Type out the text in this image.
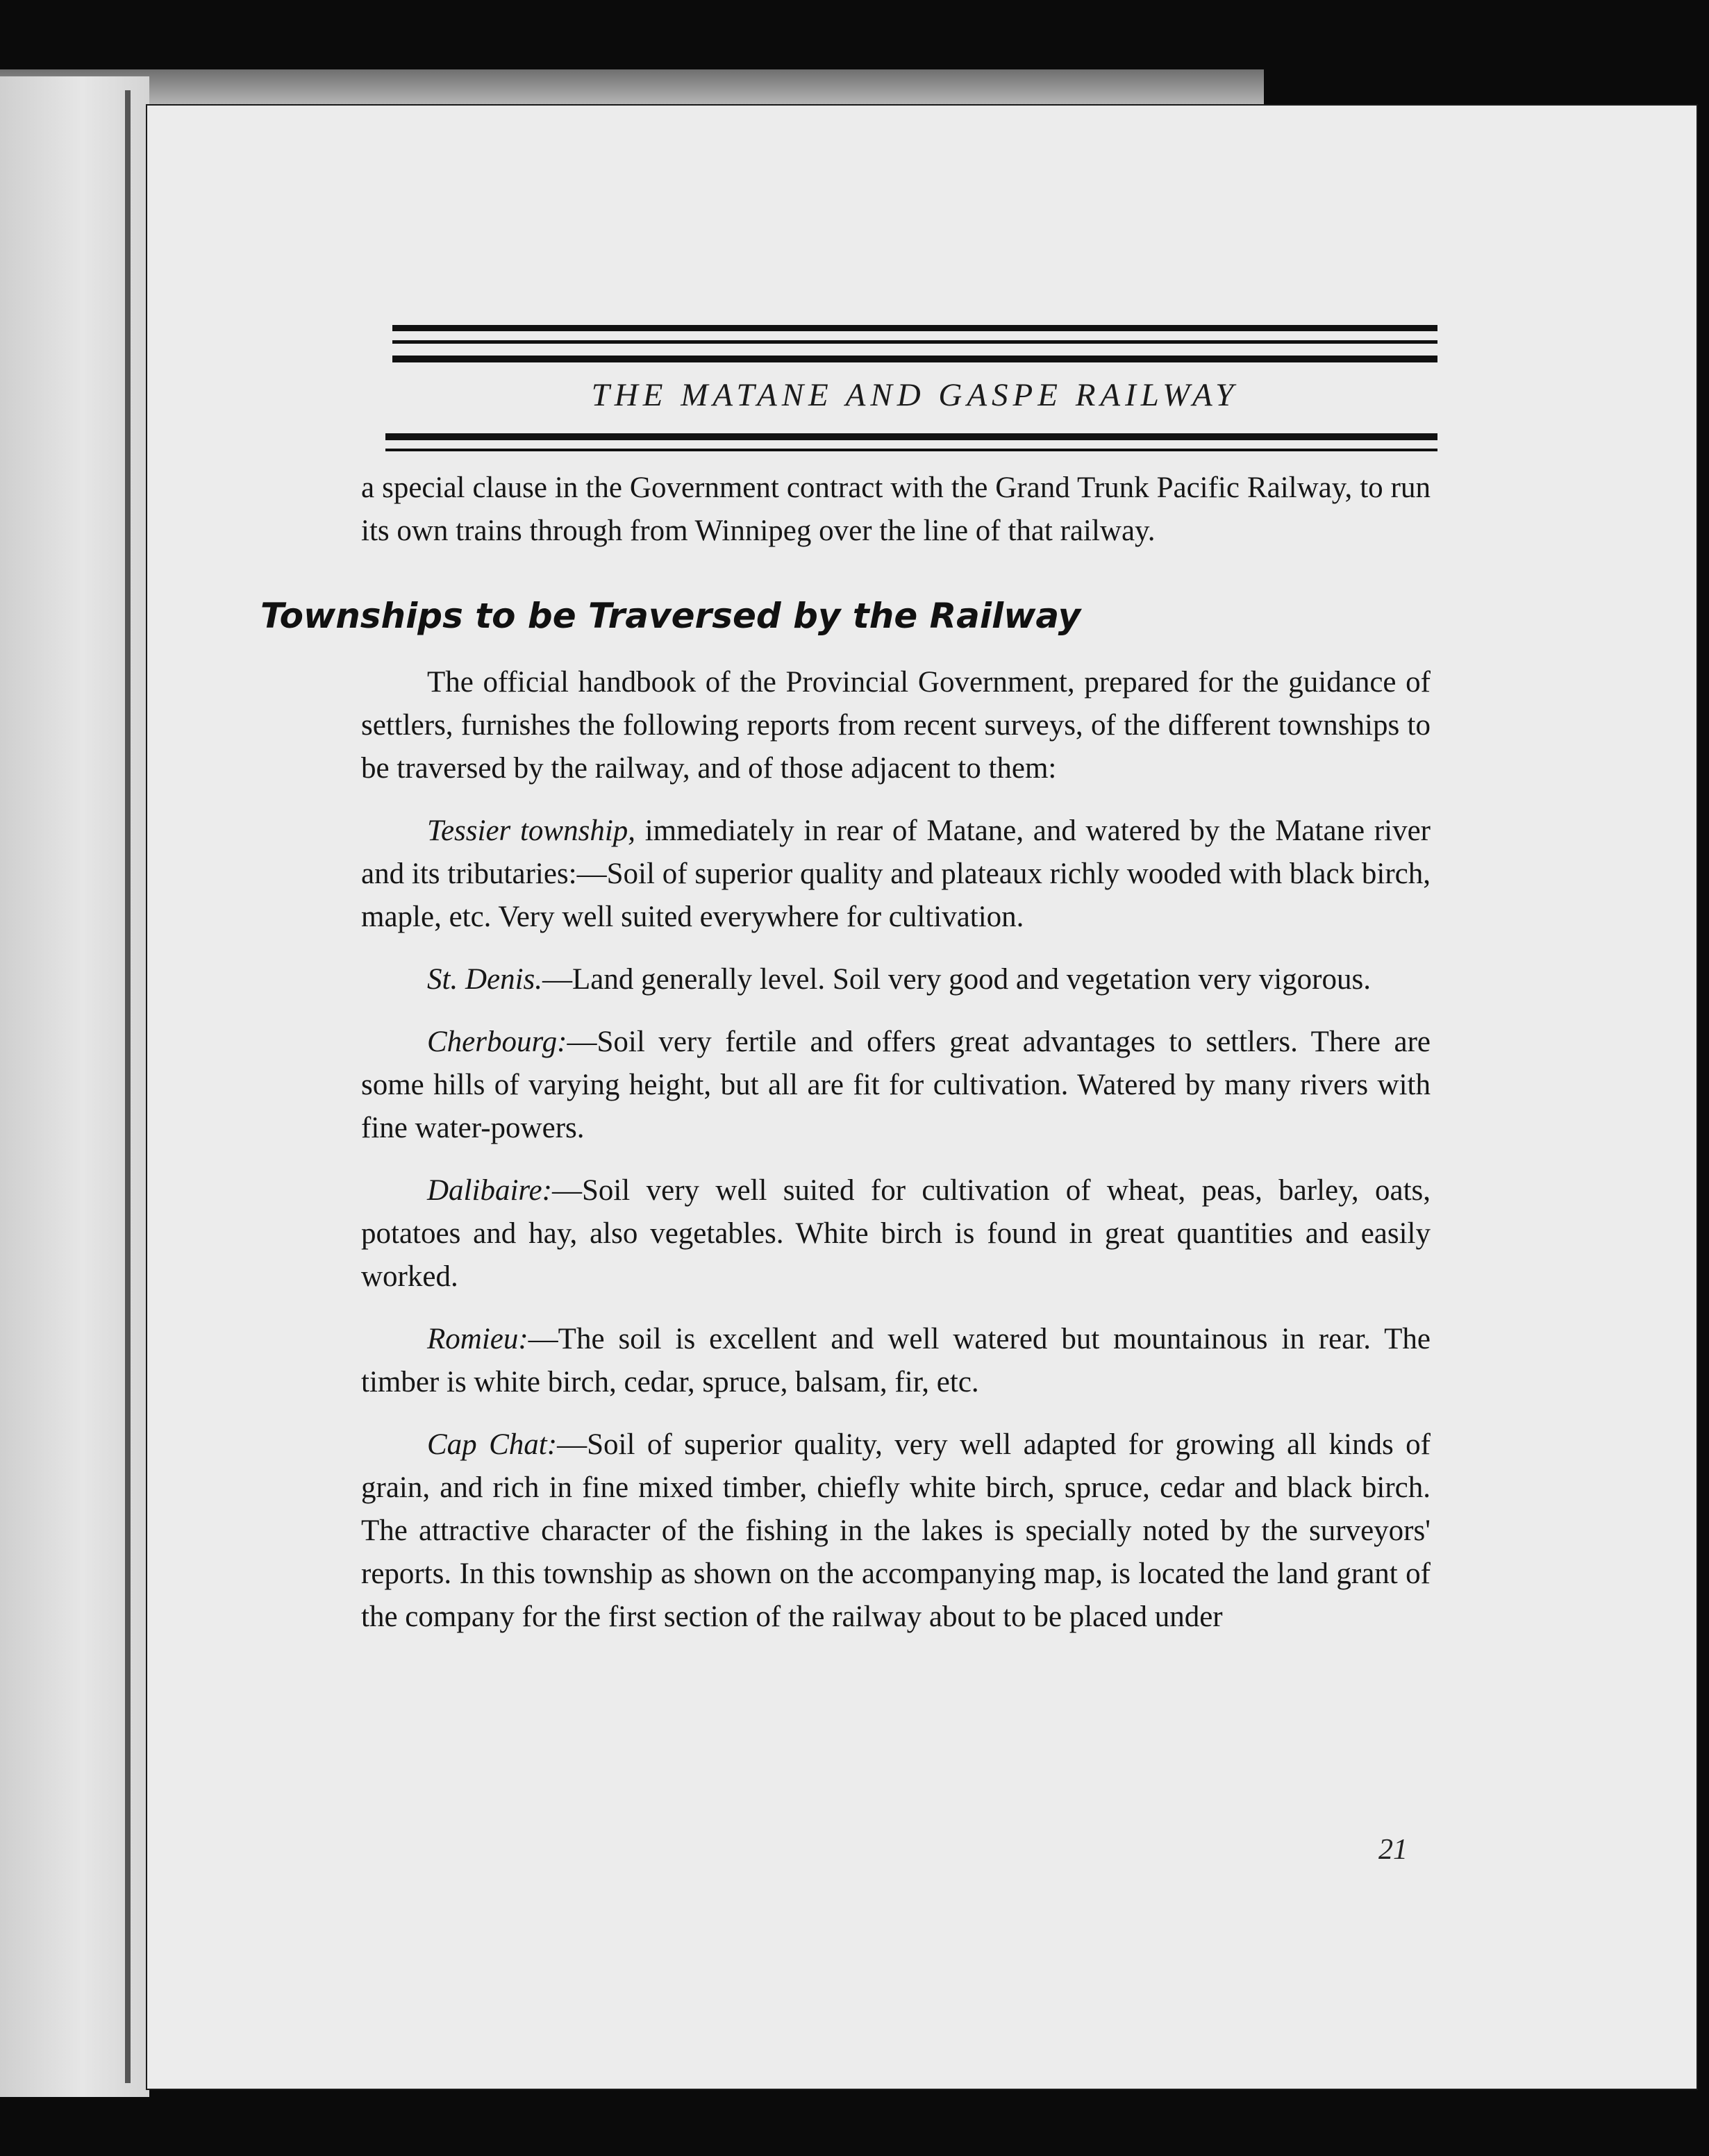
THE MATANE AND GASPE RAILWAY

a special clause in the Government contract with the Grand Trunk Pacific Railway, to run its own trains through from Winnipeg over the line of that railway.

Townships to be Traversed by the Railway

The official handbook of the Provincial Government, prepared for the guidance of settlers, furnishes the following reports from recent surveys, of the different townships to be traversed by the railway, and of those adjacent to them:

Tessier township, immediately in rear of Matane, and watered by the Matane river and its tributaries:—Soil of superior quality and plateaux richly wooded with black birch, maple, etc. Very well suited everywhere for cultivation.

St. Denis.—Land generally level. Soil very good and vegetation very vigorous.

Cherbourg:—Soil very fertile and offers great advantages to settlers. There are some hills of varying height, but all are fit for cultivation. Watered by many rivers with fine water-powers.

Dalibaire:—Soil very well suited for cultivation of wheat, peas, barley, oats, potatoes and hay, also vegetables. White birch is found in great quantities and easily worked.

Romieu:—The soil is excellent and well watered but mountainous in rear. The timber is white birch, cedar, spruce, balsam, fir, etc.

Cap Chat:—Soil of superior quality, very well adapted for growing all kinds of grain, and rich in fine mixed timber, chiefly white birch, spruce, cedar and black birch. The attractive character of the fishing in the lakes is specially noted by the surveyors' reports. In this township as shown on the accompanying map, is located the land grant of the company for the first section of the railway about to be placed under

21
